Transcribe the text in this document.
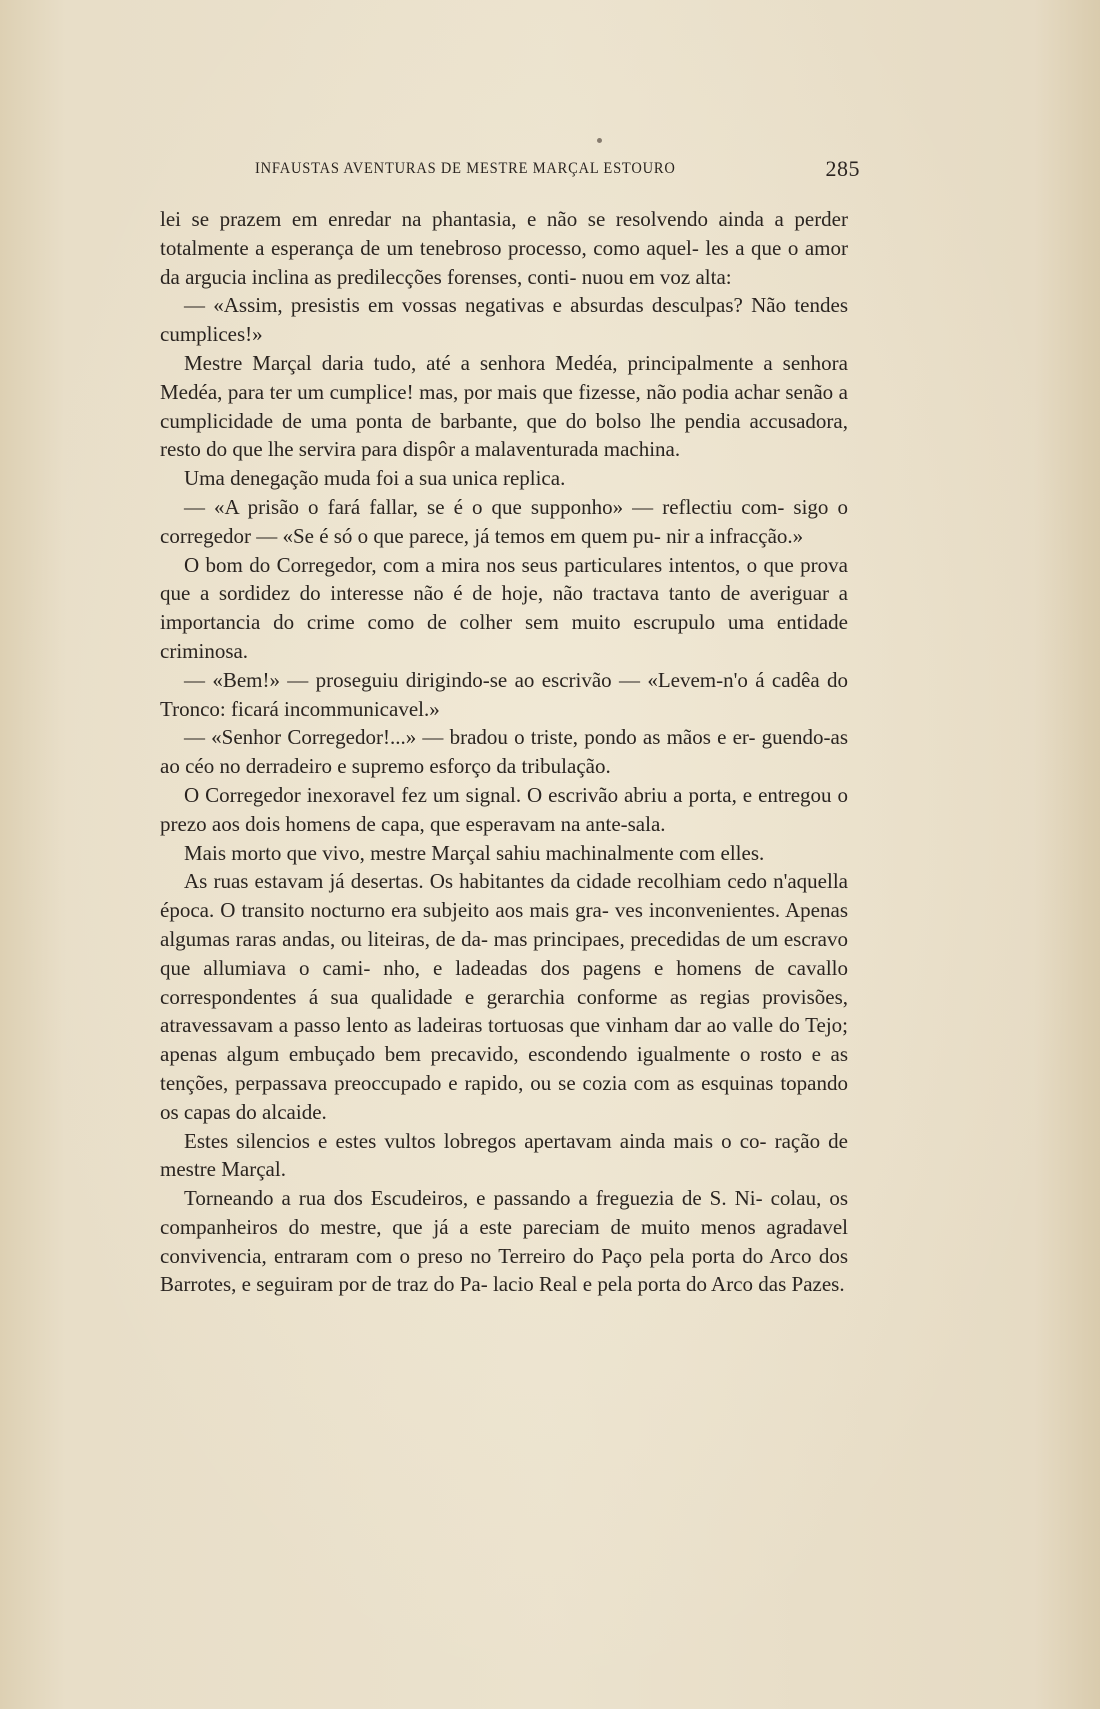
INFAUSTAS AVENTURAS DE MESTRE MARÇAL ESTOURO	285

lei se prazem em enredar na phantasia, e não se resolvendo ainda a perder totalmente a esperança de um tenebroso processo, como aquel- les a que o amor da argucia inclina as predilecções forenses, conti- nuou em voz alta:

— «Assim, presistis em vossas negativas e absurdas desculpas? Não tendes cumplices!»

Mestre Marçal daria tudo, até a senhora Medéa, principalmente a senhora Medéa, para ter um cumplice! mas, por mais que fizesse, não podia achar senão a cumplicidade de uma ponta de barbante, que do bolso lhe pendia accusadora, resto do que lhe servira para dispôr a malaventurada machina.

Uma denegação muda foi a sua unica replica.

— «A prisão o fará fallar, se é o que supponho» — reflectiu com- sigo o corregedor — «Se é só o que parece, já temos em quem pu- nir a infracção.»

O bom do Corregedor, com a mira nos seus particulares intentos, o que prova que a sordidez do interesse não é de hoje, não tractava tanto de averiguar a importancia do crime como de colher sem muito escrupulo uma entidade criminosa.

— «Bem!» — proseguiu dirigindo-se ao escrivão — «Levem-n'o á cadêa do Tronco: ficará incommunicavel.»

— «Senhor Corregedor!...» — bradou o triste, pondo as mãos e er- guendo-as ao céo no derradeiro e supremo esforço da tribulação.

O Corregedor inexoravel fez um signal. O escrivão abriu a porta, e entregou o prezo aos dois homens de capa, que esperavam na ante-sala.

Mais morto que vivo, mestre Marçal sahiu machinalmente com elles.

As ruas estavam já desertas. Os habitantes da cidade recolhiam cedo n'aquella época. O transito nocturno era subjeito aos mais gra- ves inconvenientes. Apenas algumas raras andas, ou liteiras, de da- mas principaes, precedidas de um escravo que allumiava o cami- nho, e ladeadas dos pagens e homens de cavallo correspondentes á sua qualidade e gerarchia conforme as regias provisões, atravessavam a passo lento as ladeiras tortuosas que vinham dar ao valle do Tejo; apenas algum embuçado bem precavido, escondendo igualmente o rosto e as tenções, perpassava preoccupado e rapido, ou se cozia com as esquinas topando os capas do alcaide.

Estes silencios e estes vultos lobregos apertavam ainda mais o co- ração de mestre Marçal.

Torneando a rua dos Escudeiros, e passando a freguezia de S. Ni- colau, os companheiros do mestre, que já a este pareciam de muito menos agradavel convivencia, entraram com o preso no Terreiro do Paço pela porta do Arco dos Barrotes, e seguiram por de traz do Pa- lacio Real e pela porta do Arco das Pazes.
